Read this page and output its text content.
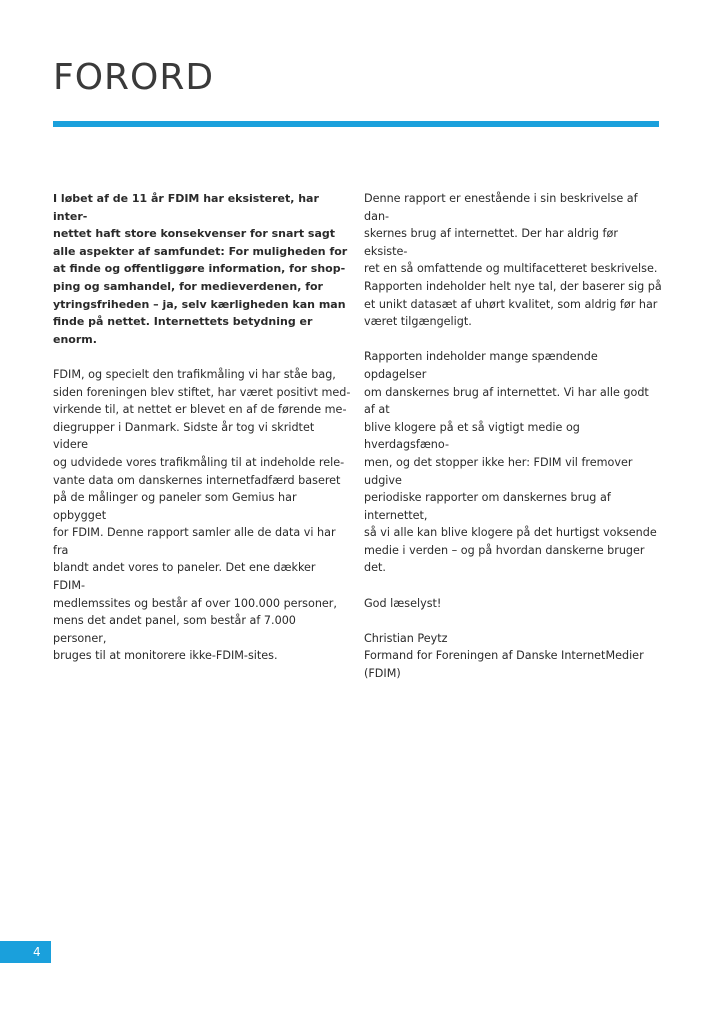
FORORD

I løbet af de 11 år FDIM har eksisteret, har inter-
nettet haft store konsekvenser for snart sagt
alle aspekter af samfundet: For muligheden for
at finde og offentliggøre information, for shop-
ping og samhandel, for medieverdenen, for
ytringsfriheden – ja, selv kærligheden kan man
finde på nettet. Internettets betydning er enorm.

FDIM, og specielt den trafikmåling vi har ståe bag,
siden foreningen blev stiftet, har været positivt med-
virkende til, at nettet er blevet en af de førende me-
diegrupper i Danmark. Sidste år tog vi skridtet videre
og udvidede vores trafikmåling til at indeholde rele-
vante data om danskernes internetfadfærd baseret
på de målinger og paneler som Gemius har opbygget
for FDIM. Denne rapport samler alle de data vi har fra
blandt andet vores to paneler. Det ene dækker FDIM-
medlemssites og består af over 100.000 personer,
mens det andet panel, som består af 7.000 personer,
bruges til at monitorere ikke-FDIM-sites.

Denne rapport er enestående i sin beskrivelse af dan-
skernes brug af internettet. Der har aldrig før eksiste-
ret en så omfattende og multifacetteret beskrivelse.
Rapporten indeholder helt nye tal, der baserer sig på
et unikt datasæt af uhørt kvalitet, som aldrig før har
været tilgængeligt.

Rapporten indeholder mange spændende opdagelser
om danskernes brug af internettet. Vi har alle godt af at
blive klogere på et så vigtigt medie og hverdagsfæno-
men, og det stopper ikke her: FDIM vil fremover udgive
periodiske rapporter om danskernes brug af internettet,
så vi alle kan blive klogere på det hurtigst voksende
medie i verden – og på hvordan danskerne bruger det.

God læselyst!

Christian Peytz
Formand for Foreningen af Danske InternetMedier
(FDIM)

4
